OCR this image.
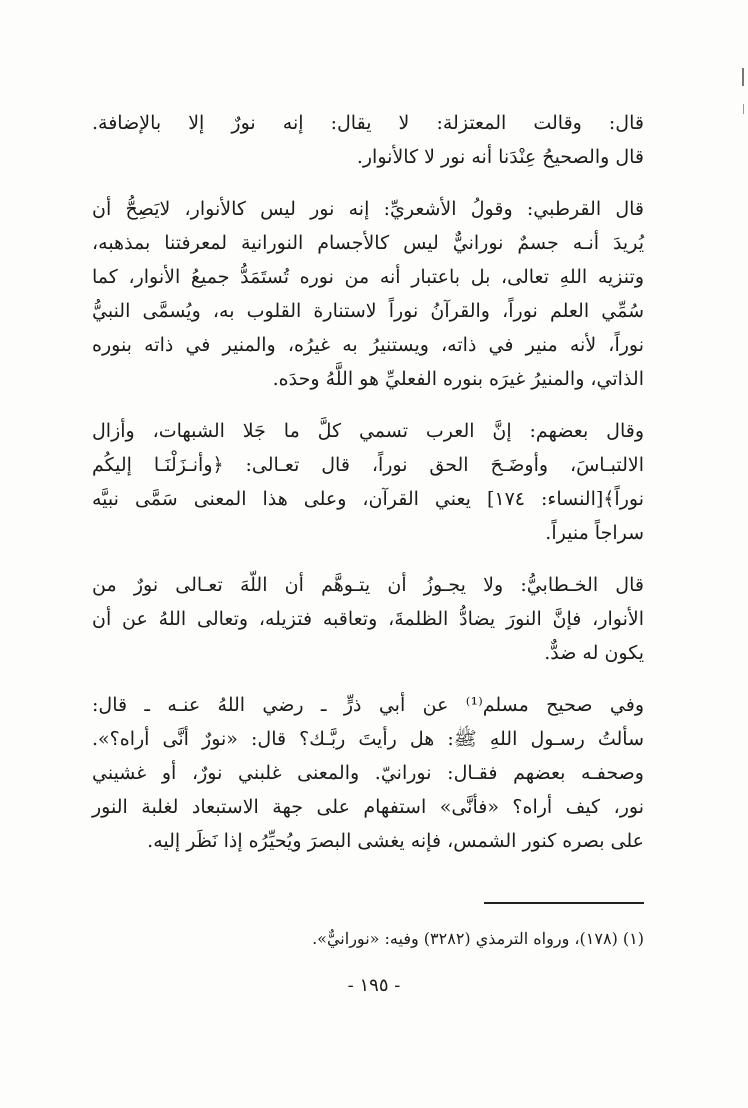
قال: وقالت المعتزلة: لا يقال: إنه نورٌ إلا بالإضافة.
قال والصحيحُ عِنْدَنا أنه نور لا كالأنوار.
قال القرطبي: وقولُ الأشعريِّ: إنه نور ليس كالأنوار، لايَصِحُّ أن
يُريدَ أنـه جسمٌ نورانيٌّ ليس كالأجسام النورانية لمعرفتنا بمذهبه،
وتنزيه اللهِ تعالى، بل باعتبار أنه من نوره تُستَمَدُّ جميعُ الأنوار، كما
سُمِّي العلم نوراً، والقرآنُ نوراً لاستنارة القلوب به، ويُسمَّى النبيُّ
نوراً، لأنه منير في ذاته، ويستنيرُ به غيرُه، والمنير في ذاته بنوره
الذاتي، والمنيرُ غيرَه بنوره الفعليِّ هو اللَّهُ وحدَه.
وقال بعضهم: إنَّ العرب تسمي كلَّ ما جَلا الشبهات، وأزال
الالتبـاسَ، وأوضَـحَ الحق نوراً، قال تعـالى: ﴿وأنـزَلْنَـا إليكُم
نوراً﴾[النساء: ١٧٤] يعني القرآن، وعلى هذا المعنى سَمَّى نبيَّه
سراجاً منيراً.
قال الخـطابيُّ: ولا يجـوزُ أن يتـوهَّم أن اللّهَ تعـالى نورٌ من
الأنوار، فإنَّ النورَ يضادُّ الظلمةَ، وتعاقبه فتزيله، وتعالى اللهُ عن أن
يكون له ضدٌّ.
وفي صحيح مسلم⁽¹⁾ عن أبي ذرٍّ ـ رضي اللهُ عنـه ـ قال:
سألتُ رسـول اللهِ ﷺ: هل رأيتَ ربَّـك؟ قال: «نورٌ أنَّى أراه؟».
وصحفـه بعضهم فقـال: نورانيّ. والمعنى غلبني نورٌ، أو غشيني
نور، كيف أراه؟ «فأنَّى» استفهام على جهة الاستبعاد لغلبة النور
على بصره كنور الشمس، فإنه يغشى البصرَ ويُحيِّرُه إذا نَظَر إليه.
(١) (١٧٨)، ورواه الترمذي (٣٢٨٢) وفيه: «نورانيٌّ».
- ١٩٥ -
